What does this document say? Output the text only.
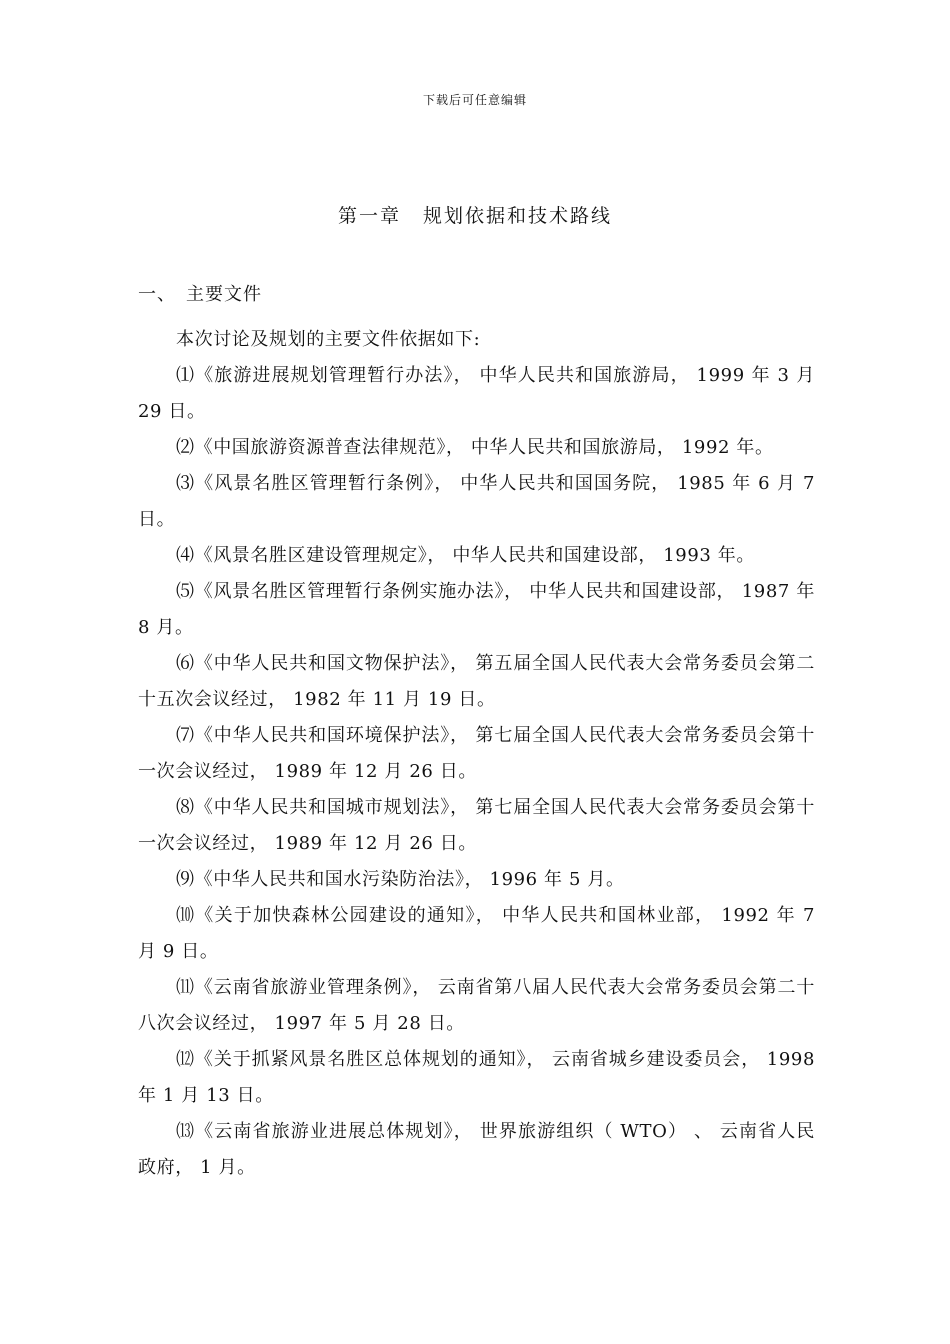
下载后可任意编辑
第一章 规划依据和技术路线
一、 主要文件

本次讨论及规划的主要文件依据如下:

⑴《旅游进展规划管理暂行办法》， 中华人民共和国旅游局， 1999 年 3 月 29 日。

⑵《中国旅游资源普查法律规范》， 中华人民共和国旅游局， 1992 年。

⑶《风景名胜区管理暂行条例》， 中华人民共和国国务院， 1985 年 6 月 7 日。

⑷《风景名胜区建设管理规定》， 中华人民共和国建设部， 1993 年。

⑸《风景名胜区管理暂行条例实施办法》， 中华人民共和国建设部， 1987 年 8 月。

⑹《中华人民共和国文物保护法》， 第五届全国人民代表大会常务委员会第二十五次会议经过， 1982 年 11 月 19 日。

⑺《中华人民共和国环境保护法》， 第七届全国人民代表大会常务委员会第十一次会议经过， 1989 年 12 月 26 日。

⑻《中华人民共和国城市规划法》， 第七届全国人民代表大会常务委员会第十一次会议经过， 1989 年 12 月 26 日。

⑼《中华人民共和国水污染防治法》， 1996 年 5 月。

⑽《关于加快森林公园建设的通知》， 中华人民共和国林业部， 1992 年 7 月 9 日。

⑾《云南省旅游业管理条例》， 云南省第八届人民代表大会常务委员会第二十八次会议经过， 1997 年 5 月 28 日。

⑿《关于抓紧风景名胜区总体规划的通知》， 云南省城乡建设委员会， 1998 年 1 月 13 日。

⒀《云南省旅游业进展总体规划》， 世界旅游组织（ WTO） 、 云南省人民政府， 1 月。
